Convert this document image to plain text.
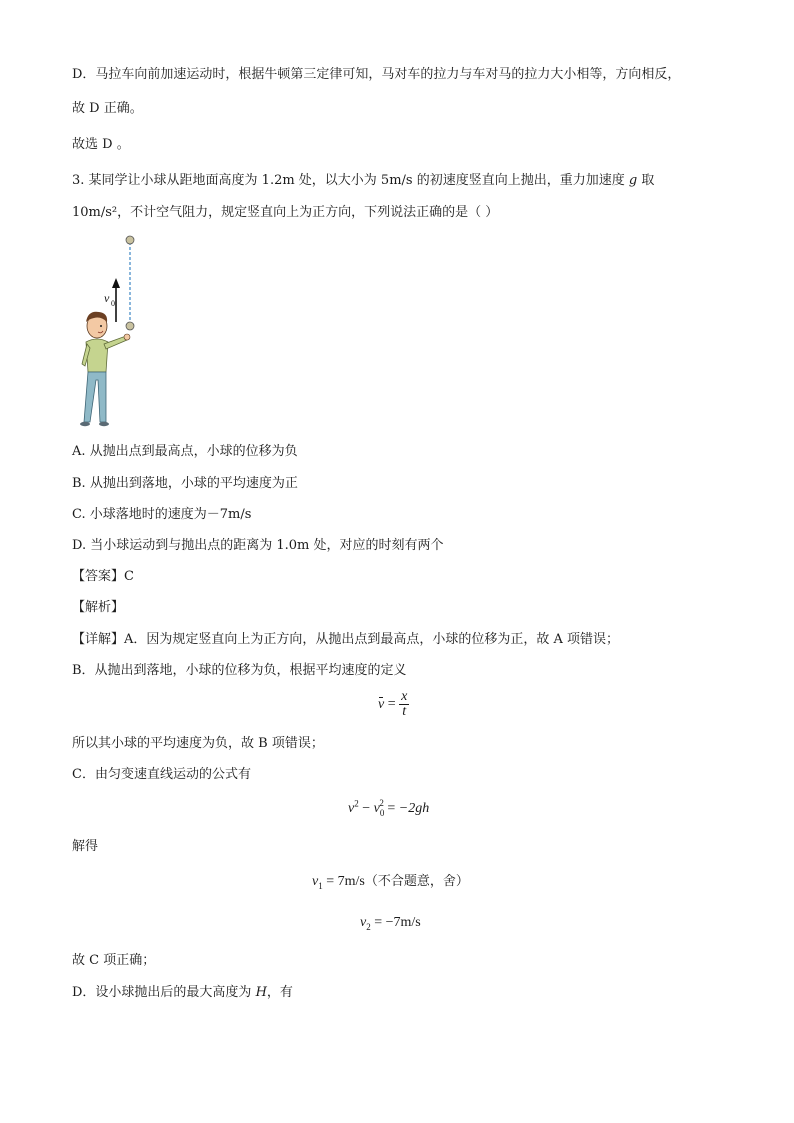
D．马拉车向前加速运动时，根据牛顿第三定律可知，马对车的拉力与车对马的拉力大小相等，方向相反，
故 D 正确。
故选 D 。
3. 某同学让小球从距地面高度为 1.2m 处，以大小为 5m/s 的初速度竖直向上抛出，重力加速度 g 取
10m/s²，不计空气阻力，规定竖直向上为正方向，下列说法正确的是（ ）
v 0
A. 从抛出点到最高点，小球的位移为负
B. 从抛出到落地，小球的平均速度为正
C. 小球落地时的速度为－7m/s
D. 当小球运动到与抛出点的距离为 1.0m 处，对应的时刻有两个
【答案】C
【解析】
【详解】A．因为规定竖直向上为正方向，从抛出点到最高点，小球的位移为正，故 A 项错误；
B．从抛出到落地，小球的位移为负，根据平均速度的定义
$v = \frac{x}{t}$
所以其小球的平均速度为负，故 B 项错误；
C．由匀变速直线运动的公式有
$v^2 - v_0^2 = -2gh$
解得
$v_1 = 7m/s$（不合题意，舍）
$v_2 = -7m/s$
故 C 项正确；
D．设小球抛出后的最大高度为 H，有
